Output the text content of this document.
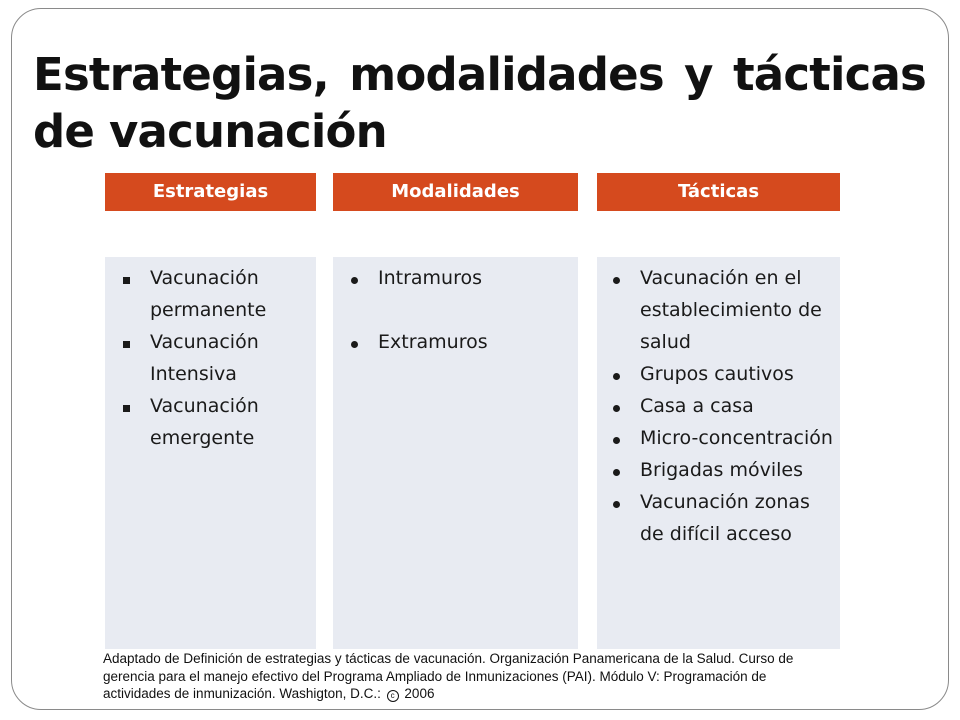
Estrategias, modalidades y tácticas de vacunación
Estrategias	Modalidades	Tácticas
Vacunación permanente
Vacunación Intensiva
Vacunación emergente
Intramuros
Extramuros
Vacunación en el establecimiento de salud
Grupos cautivos
Casa a casa
Micro-concentración
Brigadas móviles
Vacunación zonas de difícil acceso
Adaptado de Definición de estrategias y tácticas de vacunación. Organización Panamericana de la Salud. Curso de gerencia para el manejo efectivo del Programa Ampliado de Inmunizaciones (PAI). Módulo V: Programación de actividades de inmunización. Washigton, D.C.: c 2006
